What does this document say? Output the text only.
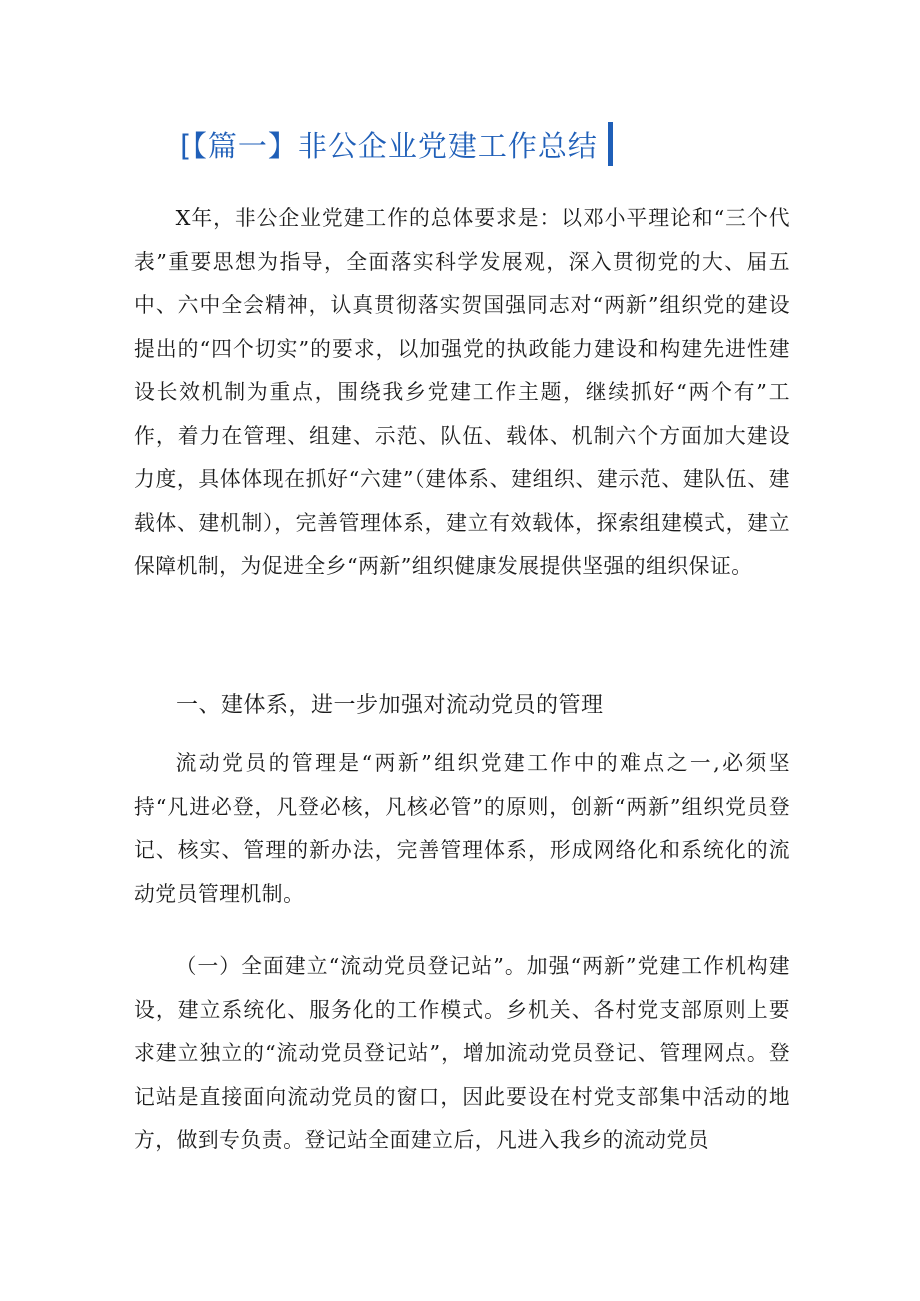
[【篇一】非公企业党建工作总结

X年，非公企业党建工作的总体要求是：以邓小平理论和“三个代表”重要思想为指导，全面落实科学发展观，深入贯彻党的大、届五中、六中全会精神，认真贯彻落实贺国强同志对“两新”组织党的建设提出的“四个切实”的要求，以加强党的执政能力建设和构建先进性建设长效机制为重点，围绕我乡党建工作主题，继续抓好“两个有”工作，着力在管理、组建、示范、队伍、载体、机制六个方面加大建设力度，具体体现在抓好“六建”（建体系、建组织、建示范、建队伍、建载体、建机制），完善管理体系，建立有效载体，探索组建模式，建立保障机制，为促进全乡“两新”组织健康发展提供坚强的组织保证。

一、建体系，进一步加强对流动党员的管理

流动党员的管理是“两新”组织党建工作中的难点之一,必须坚持“凡进必登，凡登必核，凡核必管”的原则，创新“两新”组织党员登记、核实、管理的新办法，完善管理体系，形成网络化和系统化的流动党员管理机制。

（一）全面建立“流动党员登记站”。加强“两新”党建工作机构建设，建立系统化、服务化的工作模式。乡机关、各村党支部原则上要求建立独立的“流动党员登记站”，增加流动党员登记、管理网点。登记站是直接面向流动党员的窗口，因此要设在村党支部集中活动的地方，做到专负责。登记站全面建立后，凡进入我乡的流动党员
